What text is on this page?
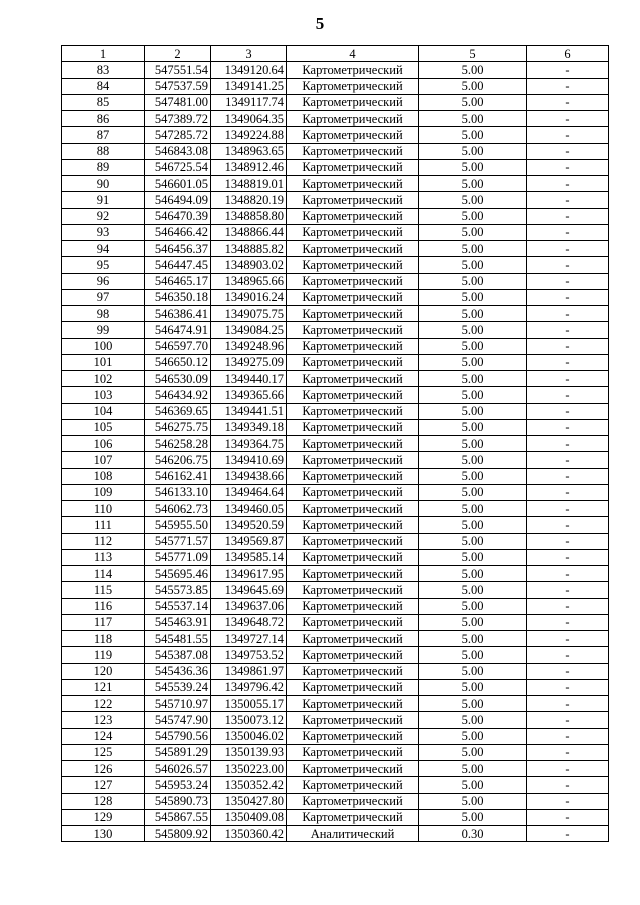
5
1	2	3	4	5	6
83	547551.54	1349120.64	Картометрический	5.00	-
84	547537.59	1349141.25	Картометрический	5.00	-
85	547481.00	1349117.74	Картометрический	5.00	-
86	547389.72	1349064.35	Картометрический	5.00	-
87	547285.72	1349224.88	Картометрический	5.00	-
88	546843.08	1348963.65	Картометрический	5.00	-
89	546725.54	1348912.46	Картометрический	5.00	-
90	546601.05	1348819.01	Картометрический	5.00	-
91	546494.09	1348820.19	Картометрический	5.00	-
92	546470.39	1348858.80	Картометрический	5.00	-
93	546466.42	1348866.44	Картометрический	5.00	-
94	546456.37	1348885.82	Картометрический	5.00	-
95	546447.45	1348903.02	Картометрический	5.00	-
96	546465.17	1348965.66	Картометрический	5.00	-
97	546350.18	1349016.24	Картометрический	5.00	-
98	546386.41	1349075.75	Картометрический	5.00	-
99	546474.91	1349084.25	Картометрический	5.00	-
100	546597.70	1349248.96	Картометрический	5.00	-
101	546650.12	1349275.09	Картометрический	5.00	-
102	546530.09	1349440.17	Картометрический	5.00	-
103	546434.92	1349365.66	Картометрический	5.00	-
104	546369.65	1349441.51	Картометрический	5.00	-
105	546275.75	1349349.18	Картометрический	5.00	-
106	546258.28	1349364.75	Картометрический	5.00	-
107	546206.75	1349410.69	Картометрический	5.00	-
108	546162.41	1349438.66	Картометрический	5.00	-
109	546133.10	1349464.64	Картометрический	5.00	-
110	546062.73	1349460.05	Картометрический	5.00	-
111	545955.50	1349520.59	Картометрический	5.00	-
112	545771.57	1349569.87	Картометрический	5.00	-
113	545771.09	1349585.14	Картометрический	5.00	-
114	545695.46	1349617.95	Картометрический	5.00	-
115	545573.85	1349645.69	Картометрический	5.00	-
116	545537.14	1349637.06	Картометрический	5.00	-
117	545463.91	1349648.72	Картометрический	5.00	-
118	545481.55	1349727.14	Картометрический	5.00	-
119	545387.08	1349753.52	Картометрический	5.00	-
120	545436.36	1349861.97	Картометрический	5.00	-
121	545539.24	1349796.42	Картометрический	5.00	-
122	545710.97	1350055.17	Картометрический	5.00	-
123	545747.90	1350073.12	Картометрический	5.00	-
124	545790.56	1350046.02	Картометрический	5.00	-
125	545891.29	1350139.93	Картометрический	5.00	-
126	546026.57	1350223.00	Картометрический	5.00	-
127	545953.24	1350352.42	Картометрический	5.00	-
128	545890.73	1350427.80	Картометрический	5.00	-
129	545867.55	1350409.08	Картометрический	5.00	-
130	545809.92	1350360.42	Аналитический	0.30	-
